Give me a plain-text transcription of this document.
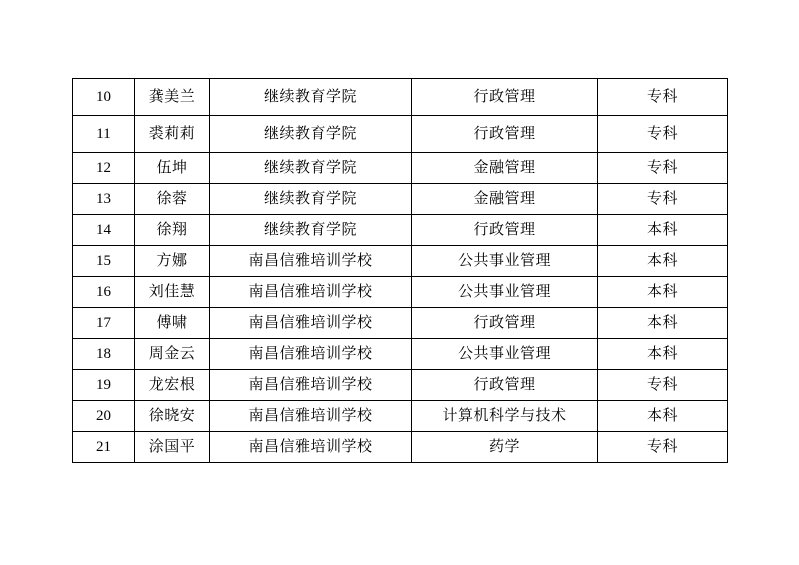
10	龚美兰	继续教育学院	行政管理	专科
11	裘莉莉	继续教育学院	行政管理	专科
12	伍坤	继续教育学院	金融管理	专科
13	徐蓉	继续教育学院	金融管理	专科
14	徐翔	继续教育学院	行政管理	本科
15	方娜	南昌信雅培训学校	公共事业管理	本科
16	刘佳慧	南昌信雅培训学校	公共事业管理	本科
17	傅啸	南昌信雅培训学校	行政管理	本科
18	周金云	南昌信雅培训学校	公共事业管理	本科
19	龙宏根	南昌信雅培训学校	行政管理	专科
20	徐晓安	南昌信雅培训学校	计算机科学与技术	本科
21	涂国平	南昌信雅培训学校	药学	专科
